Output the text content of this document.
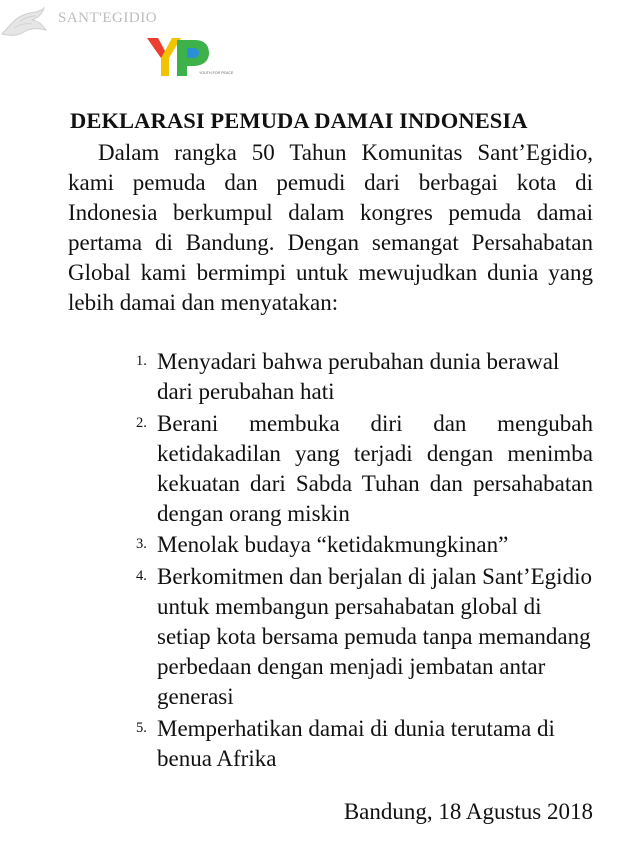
SANT'EGIDIO
YOUTH FOR PEACE
DEKLARASI PEMUDA DAMAI INDONESIA

Dalam rangka 50 Tahun Komunitas Sant’Egidio, kami pemuda dan pemudi dari berbagai kota di Indonesia berkumpul dalam kongres pemuda damai pertama di Bandung. Dengan semangat Persahabatan Global kami bermimpi untuk mewujudkan dunia yang lebih damai dan menyatakan:

1. Menyadari bahwa perubahan dunia berawal dari perubahan hati
2. Berani membuka diri dan mengubah ketidakadilan yang terjadi dengan menimba kekuatan dari Sabda Tuhan dan persahabatan dengan orang miskin
3. Menolak budaya “ketidakmungkinan”
4. Berkomitmen dan berjalan di jalan Sant’Egidio untuk membangun persahabatan global di setiap kota bersama pemuda tanpa memandang perbedaan dengan menjadi jembatan antar generasi
5. Memperhatikan damai di dunia terutama di benua Afrika
Bandung, 18 Agustus 2018
